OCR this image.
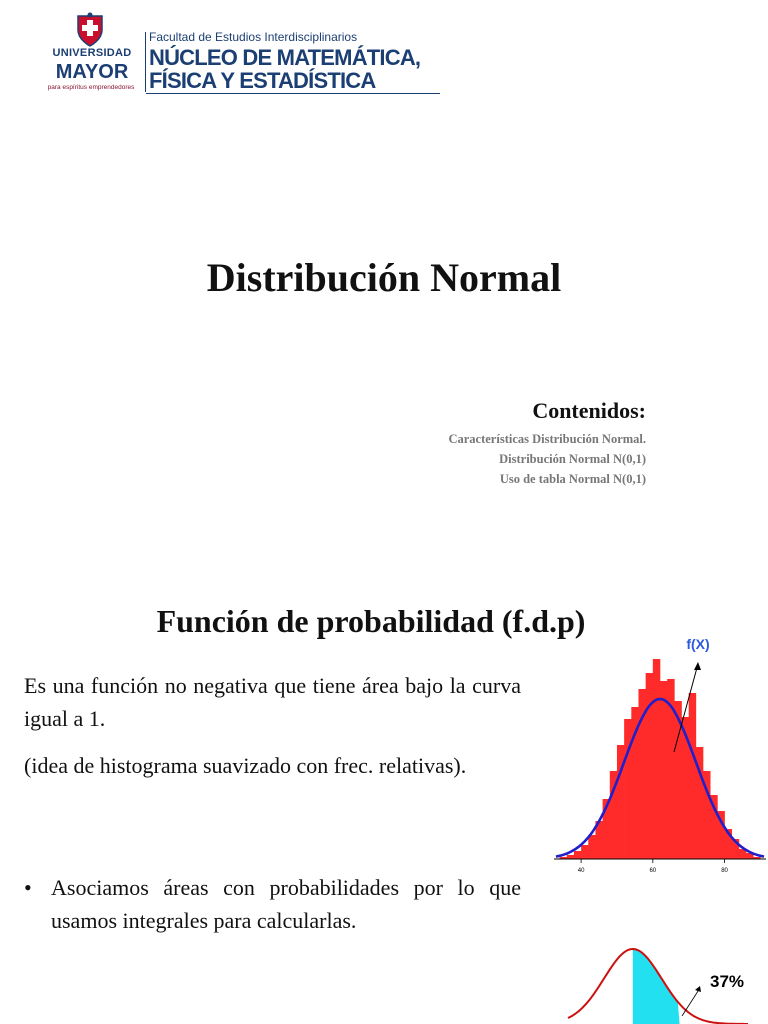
UNIVERSIDAD
MAYOR
para espíritus emprendedores
Facultad de Estudios Interdisciplinarios
NÚCLEO DE MATEMÁTICA,
FÍSICA Y ESTADÍSTICA
Distribución Normal
Contenidos:
Características Distribución Normal.
Distribución Normal N(0,1)
Uso de tabla Normal N(0,1)
Función de probabilidad (f.d.p)
Es una función no negativa que tiene área bajo la curva igual a 1.
(idea de histograma suavizado con frec. relativas).
• Asociamos áreas con probabilidades por lo que usamos integrales para calcularlas.
40	60	80
f(X)
37%
